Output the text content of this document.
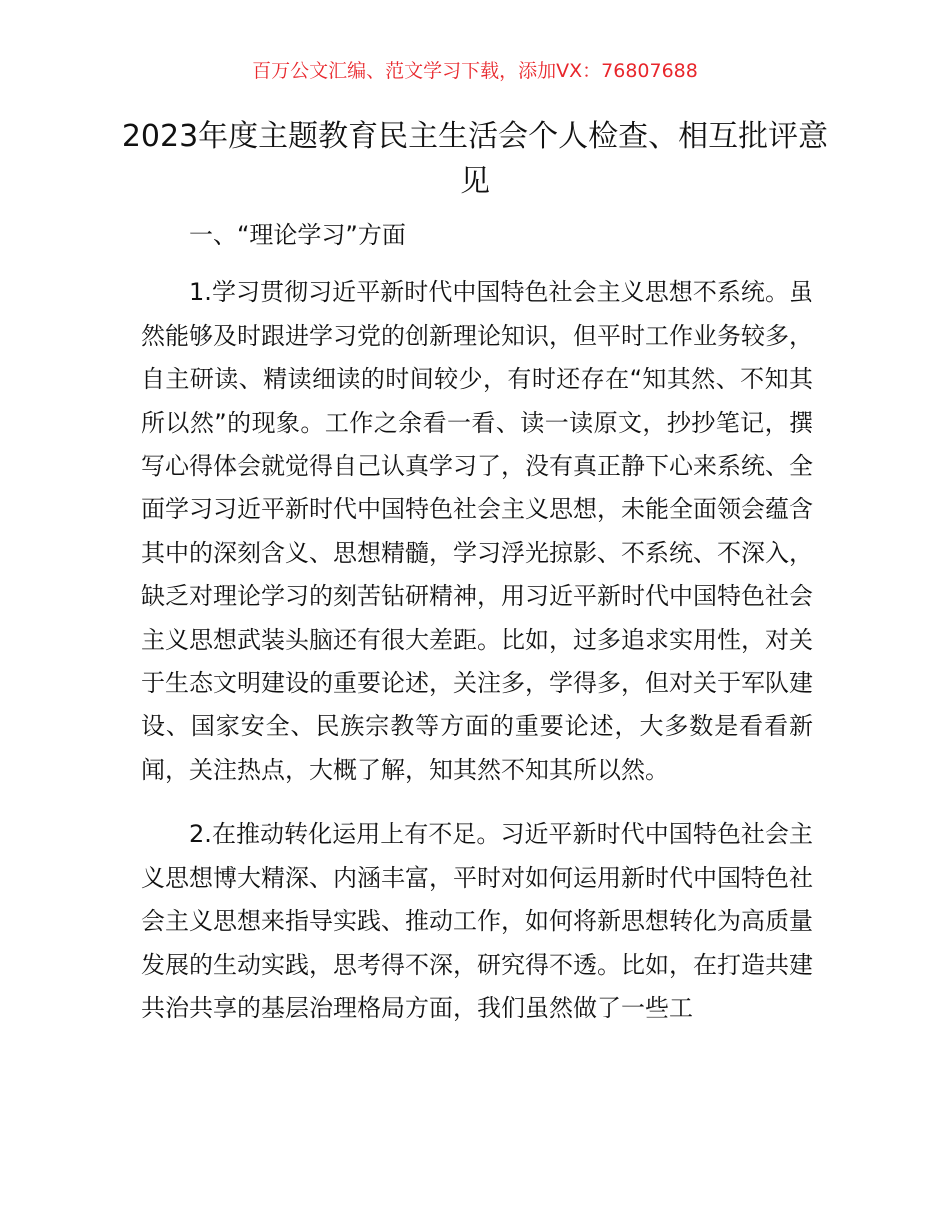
百万公文汇编、范文学习下载，添加VX：76807688
2023年度主题教育民主生活会个人检查、相互批评意见

一、“理论学习”方面

1.学习贯彻习近平新时代中国特色社会主义思想不系统。虽然能够及时跟进学习党的创新理论知识，但平时工作业务较多，自主研读、精读细读的时间较少，有时还存在“知其然、不知其所以然”的现象。工作之余看一看、读一读原文，抄抄笔记，撰写心得体会就觉得自己认真学习了，没有真正静下心来系统、全面学习习近平新时代中国特色社会主义思想，未能全面领会蕴含其中的深刻含义、思想精髓，学习浮光掠影、不系统、不深入，缺乏对理论学习的刻苦钻研精神，用习近平新时代中国特色社会主义思想武装头脑还有很大差距。比如，过多追求实用性，对关于生态文明建设的重要论述，关注多，学得多，但对关于军队建设、国家安全、民族宗教等方面的重要论述，大多数是看看新闻，关注热点，大概了解，知其然不知其所以然。

2.在推动转化运用上有不足。习近平新时代中国特色社会主义思想博大精深、内涵丰富，平时对如何运用新时代中国特色社会主义思想来指导实践、推动工作，如何将新思想转化为高质量发展的生动实践，思考得不深，研究得不透。比如，在打造共建共治共享的基层治理格局方面，我们虽然做了一些工
